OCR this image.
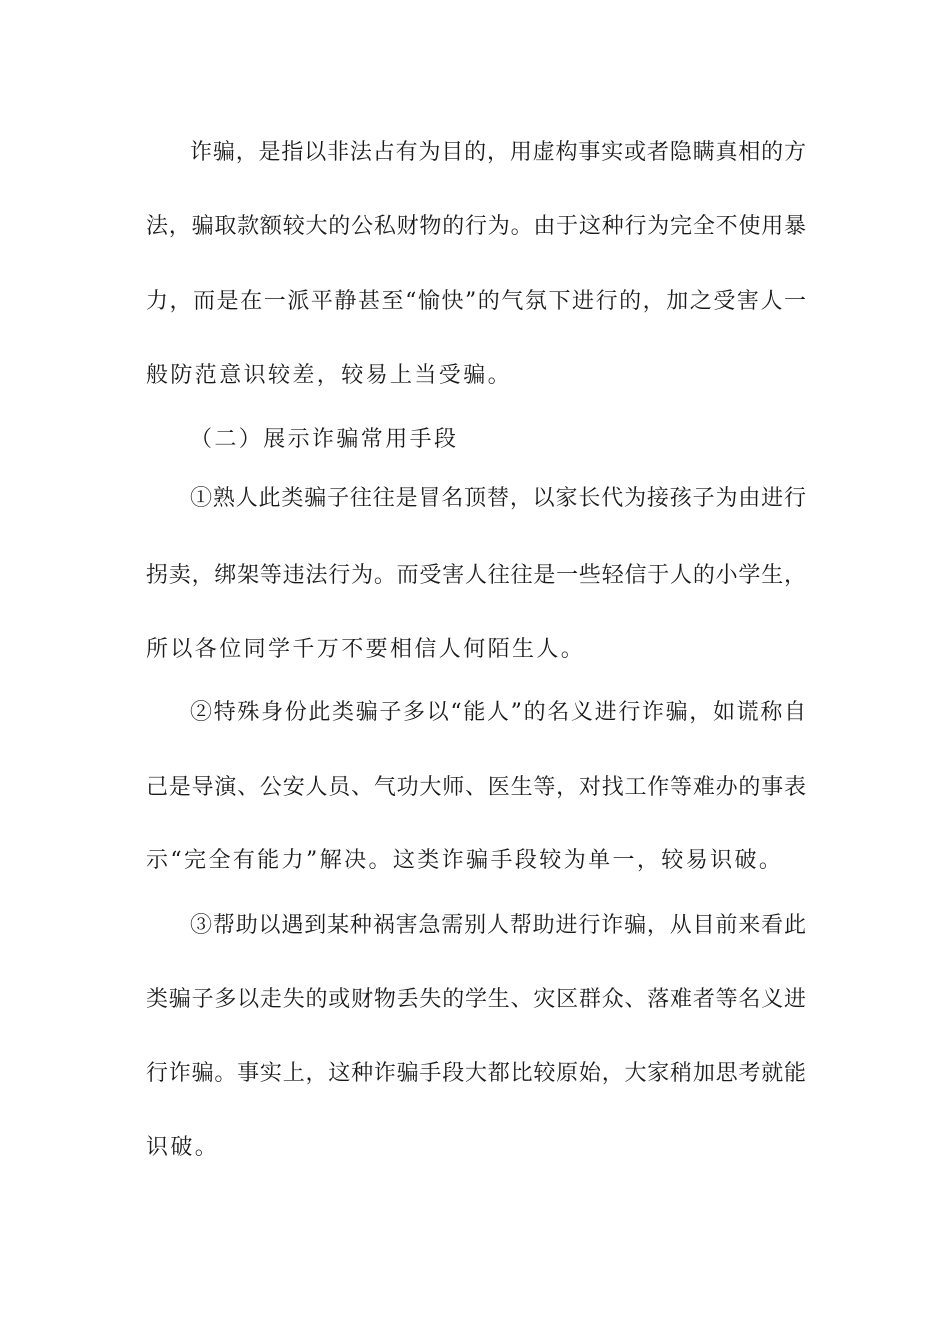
诈骗，是指以非法占有为目的，用虚构事实或者隐瞒真相的方
法，骗取款额较大的公私财物的行为。由于这种行为完全不使用暴
力，而是在一派平静甚至“愉快”的气氛下进行的，加之受害人一
般防范意识较差，较易上当受骗。
（二）展示诈骗常用手段
①熟人此类骗子往往是冒名顶替，以家长代为接孩子为由进行
拐卖，绑架等违法行为。而受害人往往是一些轻信于人的小学生，
所以各位同学千万不要相信人何陌生人。
②特殊身份此类骗子多以“能人”的名义进行诈骗，如谎称自
己是导演、公安人员、气功大师、医生等，对找工作等难办的事表
示“完全有能力”解决。这类诈骗手段较为单一，较易识破。
③帮助以遇到某种祸害急需别人帮助进行诈骗，从目前来看此
类骗子多以走失的或财物丢失的学生、灾区群众、落难者等名义进
行诈骗。事实上，这种诈骗手段大都比较原始，大家稍加思考就能
识破。
